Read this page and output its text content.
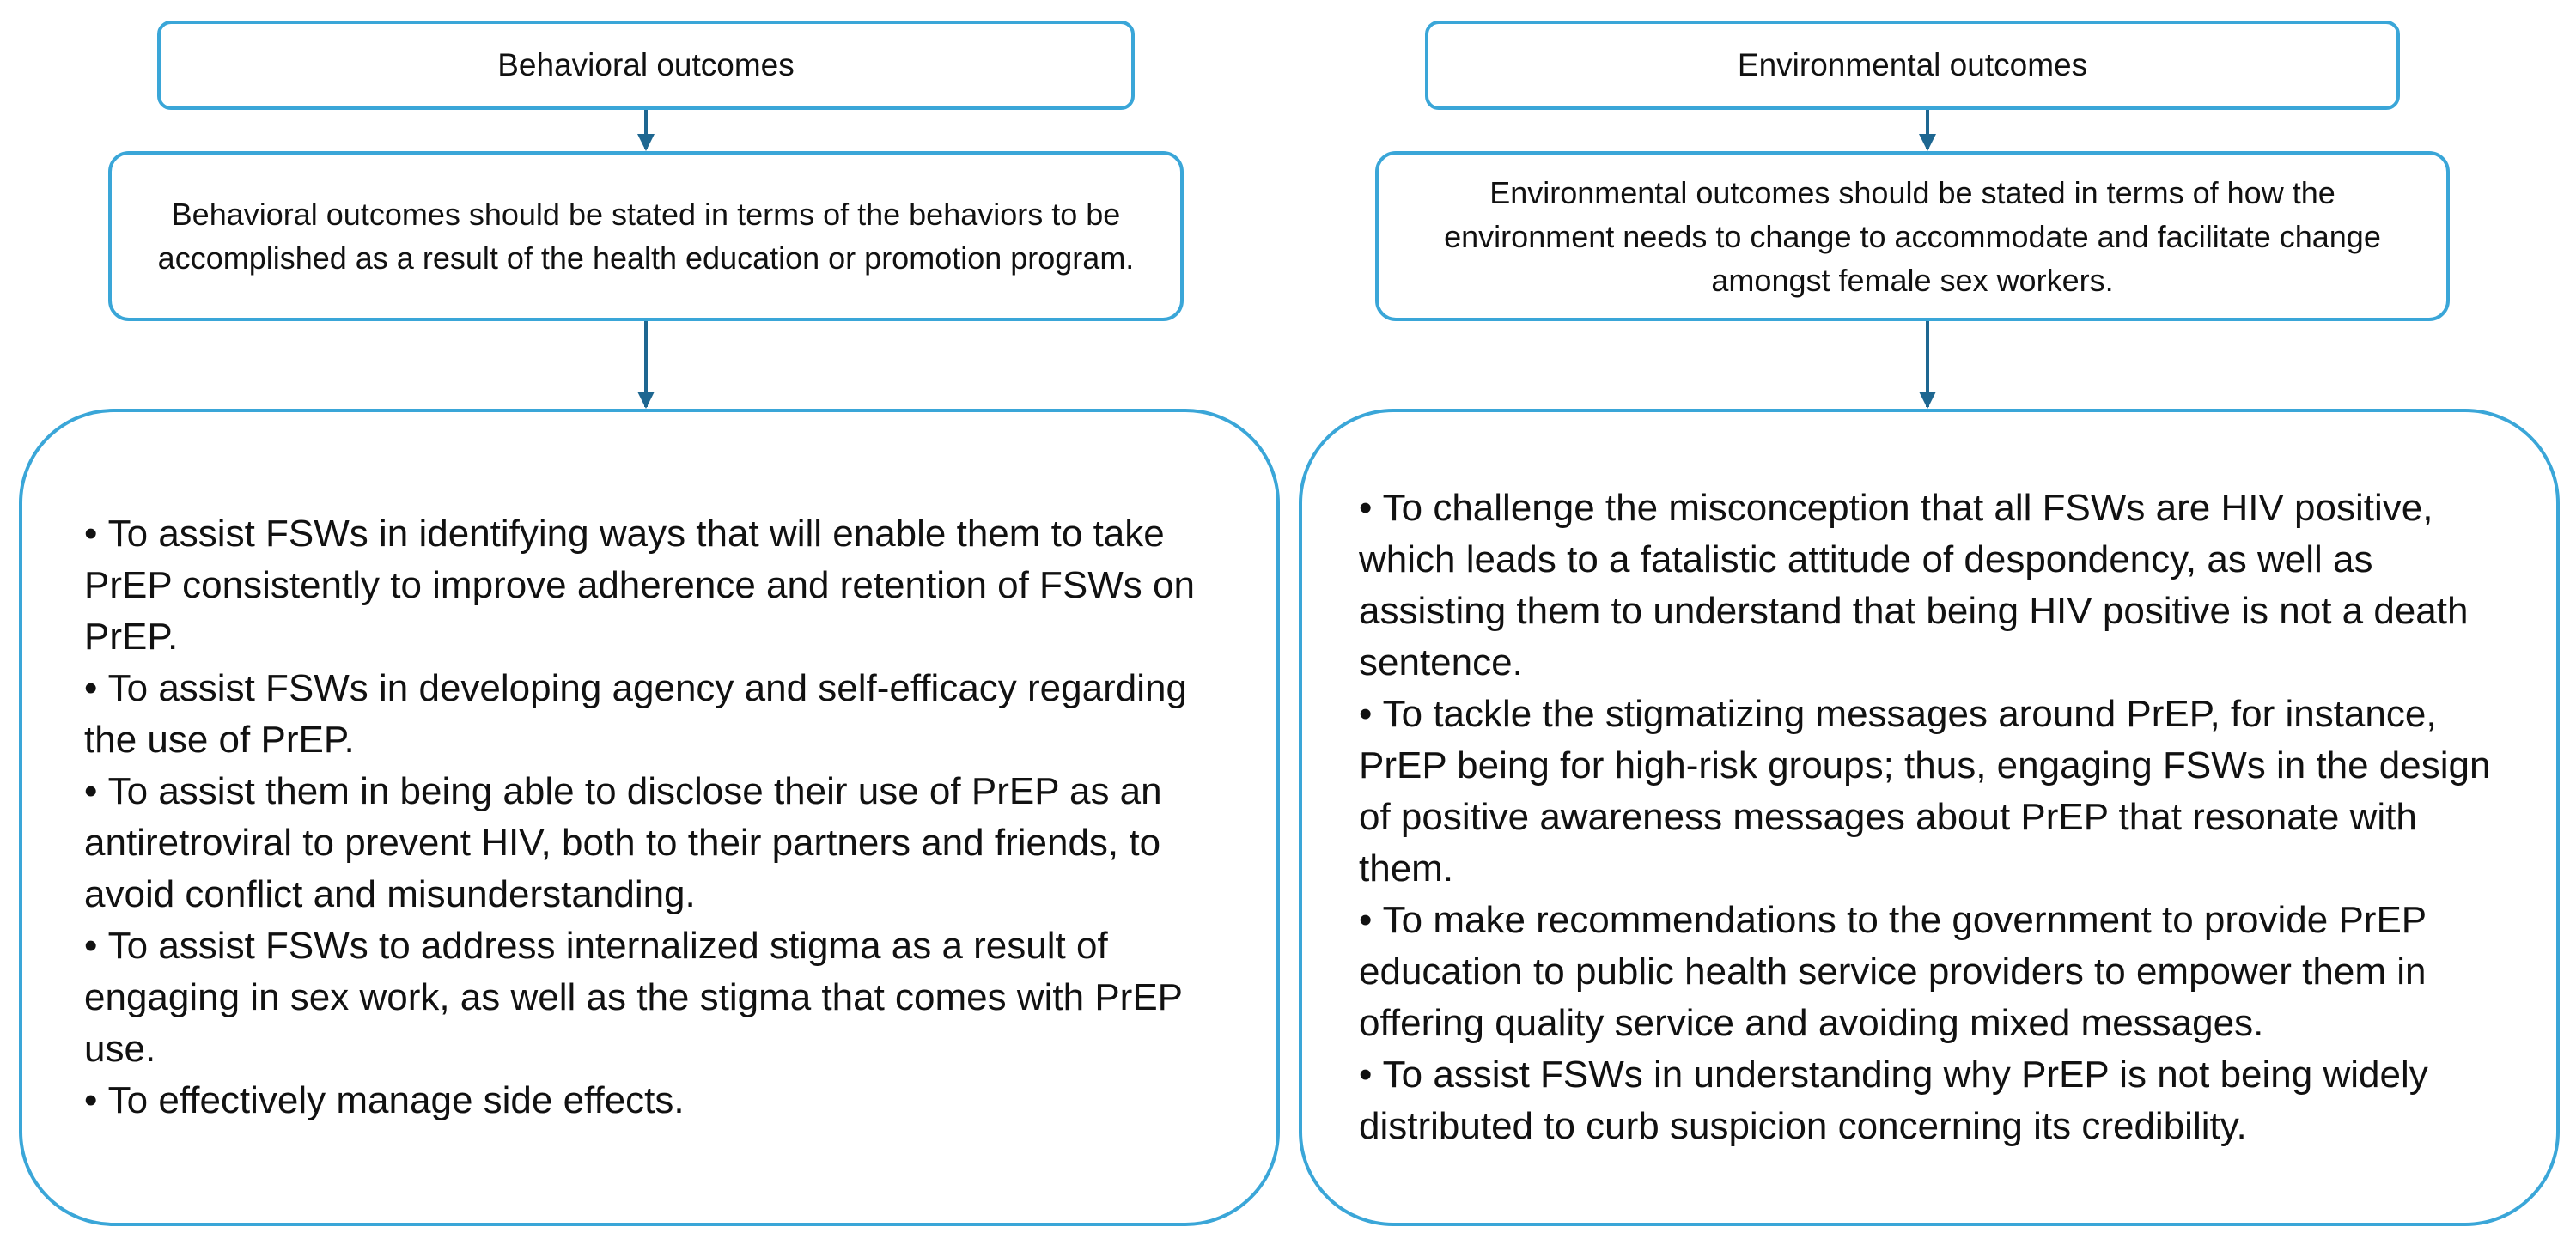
Behavioral outcomes
Behavioral outcomes should be stated in terms of the behaviors to be accomplished as a result of the health education or promotion program.
• To assist FSWs in identifying ways that will enable them to take PrEP consistently to improve adherence and retention of FSWs on PrEP.
• To assist FSWs in developing agency and self-efficacy regarding the use of PrEP.
• To assist them in being able to disclose their use of PrEP as an antiretroviral to prevent HIV, both to their partners and friends, to avoid conflict and misunderstanding.
• To assist FSWs to address internalized stigma as a result of engaging in sex work, as well as the stigma that comes with PrEP use.
• To effectively manage side effects.
Environmental outcomes
Environmental outcomes should be stated in terms of how the environment needs to change to accommodate and facilitate change amongst female sex workers.
• To challenge the misconception that all FSWs are HIV positive, which leads to a fatalistic attitude of despondency, as well as assisting them to understand that being HIV positive is not a death sentence.
• To tackle the stigmatizing messages around PrEP, for instance, PrEP being for high-risk groups; thus, engaging FSWs in the design of positive awareness messages about PrEP that resonate with them.
• To make recommendations to the government to provide PrEP education to public health service providers to empower them in offering quality service and avoiding mixed messages.
• To assist FSWs in understanding why PrEP is not being widely distributed to curb suspicion concerning its credibility.
